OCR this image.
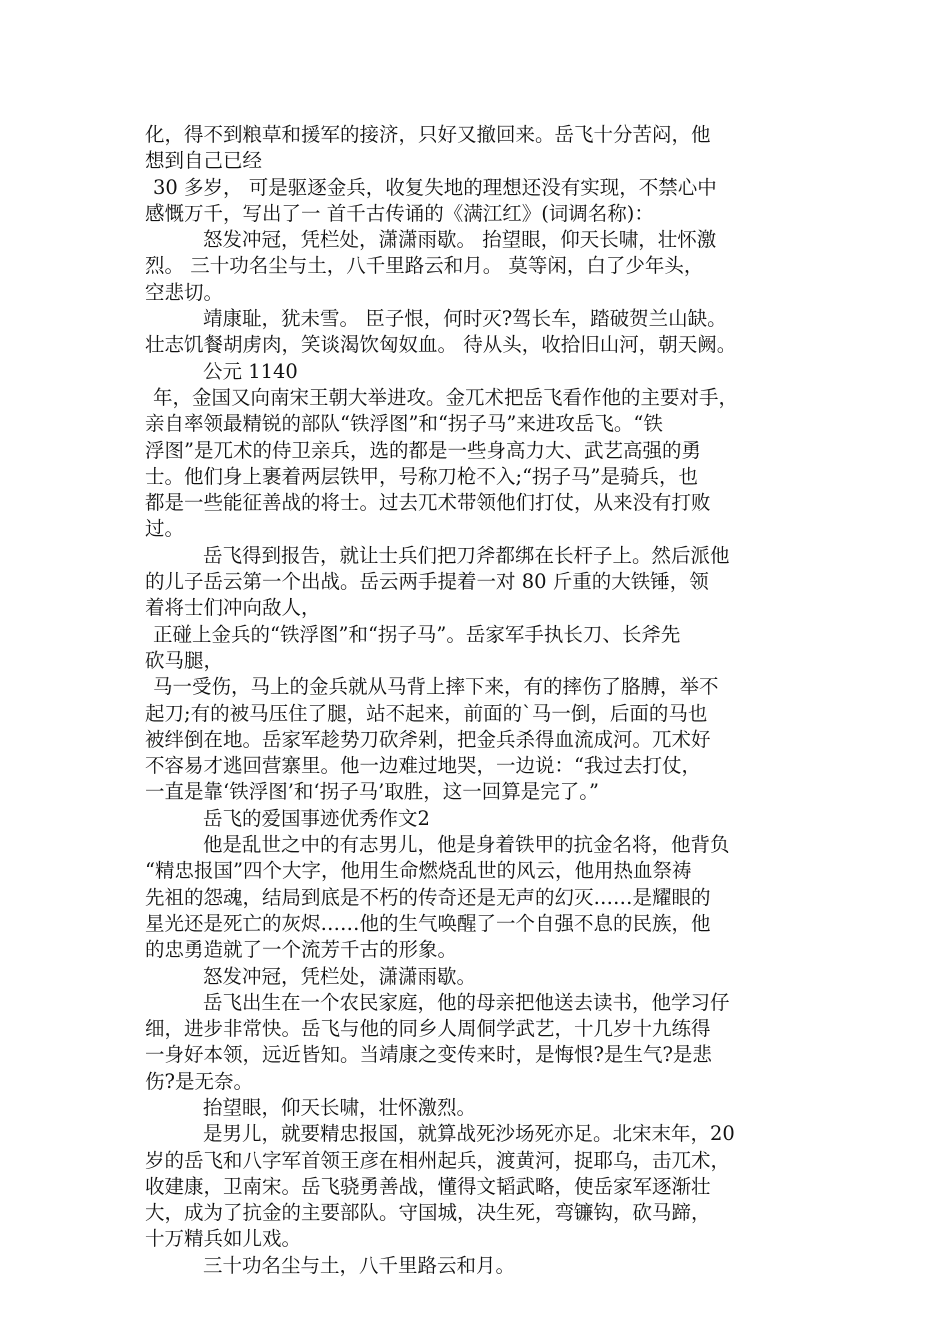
化，得不到粮草和援军的接济，只好又撤回来。岳飞十分苦闷，他
想到自己已经
30 多岁， 可是驱逐金兵，收复失地的理想还没有实现，不禁心中
感慨万千，写出了一 首千古传诵的《满江红》(词调名称)：
怒发冲冠，凭栏处，潇潇雨歇。 抬望眼，仰天长啸，壮怀激
烈。 三十功名尘与土，八千里路云和月。 莫等闲，白了少年头，
空悲切。
靖康耻，犹未雪。 臣子恨，何时灭?驾长车，踏破贺兰山缺。
壮志饥餐胡虏肉，笑谈渴饮匈奴血。 待从头，收拾旧山河，朝天阙。
公元 1140
年，金国又向南宋王朝大举进攻。金兀术把岳飞看作他的主要对手，
亲自率领最精锐的部队“铁浮图”和“拐子马”来进攻岳飞。“铁
浮图”是兀术的侍卫亲兵，选的都是一些身高力大、武艺高强的勇
士。他们身上裹着两层铁甲，号称刀枪不入;“拐子马”是骑兵，也
都是一些能征善战的将士。过去兀术带领他们打仗，从来没有打败
过。
岳飞得到报告，就让士兵们把刀斧都绑在长杆子上。然后派他
的儿子岳云第一个出战。岳云两手提着一对 80 斤重的大铁锤，领
着将士们冲向敌人，
正碰上金兵的“铁浮图”和“拐子马”。岳家军手执长刀、长斧先
砍马腿，
马一受伤，马上的金兵就从马背上摔下来，有的摔伤了胳膊，举不
起刀;有的被马压住了腿，站不起来，前面的`马一倒，后面的马也
被绊倒在地。岳家军趁势刀砍斧剁，把金兵杀得血流成河。兀术好
不容易才逃回营寨里。他一边难过地哭，一边说：“我过去打仗，
一直是靠‘铁浮图’和‘拐子马’取胜，这一回算是完了。”
岳飞的爱国事迹优秀作文2
他是乱世之中的有志男儿，他是身着铁甲的抗金名将，他背负
“精忠报国”四个大字，他用生命燃烧乱世的风云，他用热血祭祷
先祖的怨魂，结局到底是不朽的传奇还是无声的幻灭……是耀眼的
星光还是死亡的灰烬……他的生气唤醒了一个自强不息的民族，他
的忠勇造就了一个流芳千古的形象。
怒发冲冠，凭栏处，潇潇雨歇。
岳飞出生在一个农民家庭，他的母亲把他送去读书，他学习仔
细，进步非常快。岳飞与他的同乡人周侗学武艺，十几岁十九练得
一身好本领，远近皆知。当靖康之变传来时，是悔恨?是生气?是悲
伤?是无奈。
抬望眼，仰天长啸，壮怀激烈。
是男儿，就要精忠报国，就算战死沙场死亦足。北宋末年，20
岁的岳飞和八字军首领王彦在相州起兵，渡黄河，捉耶乌，击兀术，
收建康，卫南宋。岳飞骁勇善战，懂得文韬武略，使岳家军逐渐壮
大，成为了抗金的主要部队。守国城，决生死，弯镰钩，砍马蹄，
十万精兵如儿戏。
三十功名尘与土，八千里路云和月。
